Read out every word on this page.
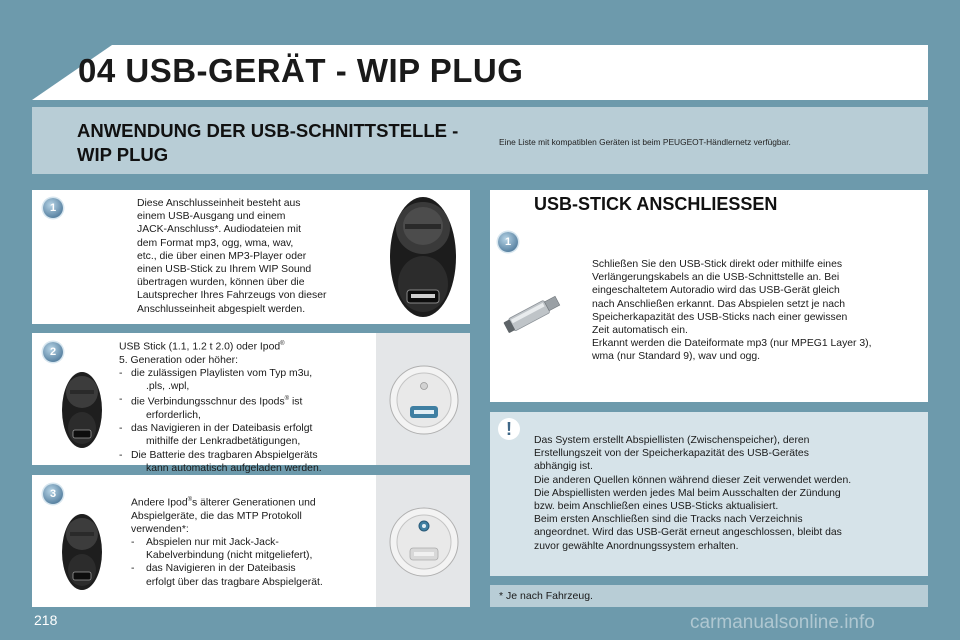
04 USB-GERÄT - WIP PLUG
ANWENDUNG DER USB-SCHNITTSTELLE -
WIP PLUG
Eine Liste mit kompatiblen Geräten ist beim PEUGEOT-Händlernetz verfügbar.
1	Diese Anschlusseinheit besteht aus
einem USB-Ausgang und einem
JACK-Anschluss*. Audiodateien mit
dem Format mp3, ogg, wma, wav,
etc., die über einen MP3-Player oder
einen USB-Stick zu Ihrem WIP Sound
übertragen wurden, können über die
Lautsprecher Ihres Fahrzeugs von dieser
Anschlusseinheit abgespielt werden.
2	USB Stick (1.1, 1.2 t 2.0) oder Ipod®
5. Generation oder höher:
- die zulässigen Playlisten vom Typ m3u,
.pls, .wpl,
- die Verbindungsschnur des Ipods® ist
erforderlich,
- das Navigieren in der Dateibasis erfolgt
mithilfe der Lenkradbetätigungen,
- Die Batterie des tragbaren Abspielgeräts
kann automatisch aufgeladen werden.
3
Andere Ipod®s älterer Generationen und
Abspielgeräte, die das MTP Protokoll
verwenden*:
- Abspielen nur mit Jack-Jack-
Kabelverbindung (nicht mitgeliefert),
- das Navigieren in der Dateibasis
erfolgt über das tragbare Abspielgerät.
USB-STICK ANSCHLIESSEN
1
Schließen Sie den USB-Stick direkt oder mithilfe eines
Verlängerungskabels an die USB-Schnittstelle an. Bei
eingeschaltetem Autoradio wird das USB-Gerät gleich
nach Anschließen erkannt. Das Abspielen setzt je nach
Speicherkapazität des USB-Sticks nach einer gewissen
Zeit automatisch ein.
Erkannt werden die Dateiformate mp3 (nur MPEG1 Layer 3),
wma (nur Standard 9), wav und ogg.
!
Das System erstellt Abspiellisten (Zwischenspeicher), deren
Erstellungszeit von der Speicherkapazität des USB-Gerätes
abhängig ist.
Die anderen Quellen können während dieser Zeit verwendet werden.
Die Abspiellisten werden jedes Mal beim Ausschalten der Zündung
bzw. beim Anschließen eines USB-Sticks aktualisiert.
Beim ersten Anschließen sind die Tracks nach Verzeichnis
angeordnet. Wird das USB-Gerät erneut angeschlossen, bleibt das
zuvor gewählte Anordnungssystem erhalten.
* Je nach Fahrzeug.
218	carmanualsonline.info
